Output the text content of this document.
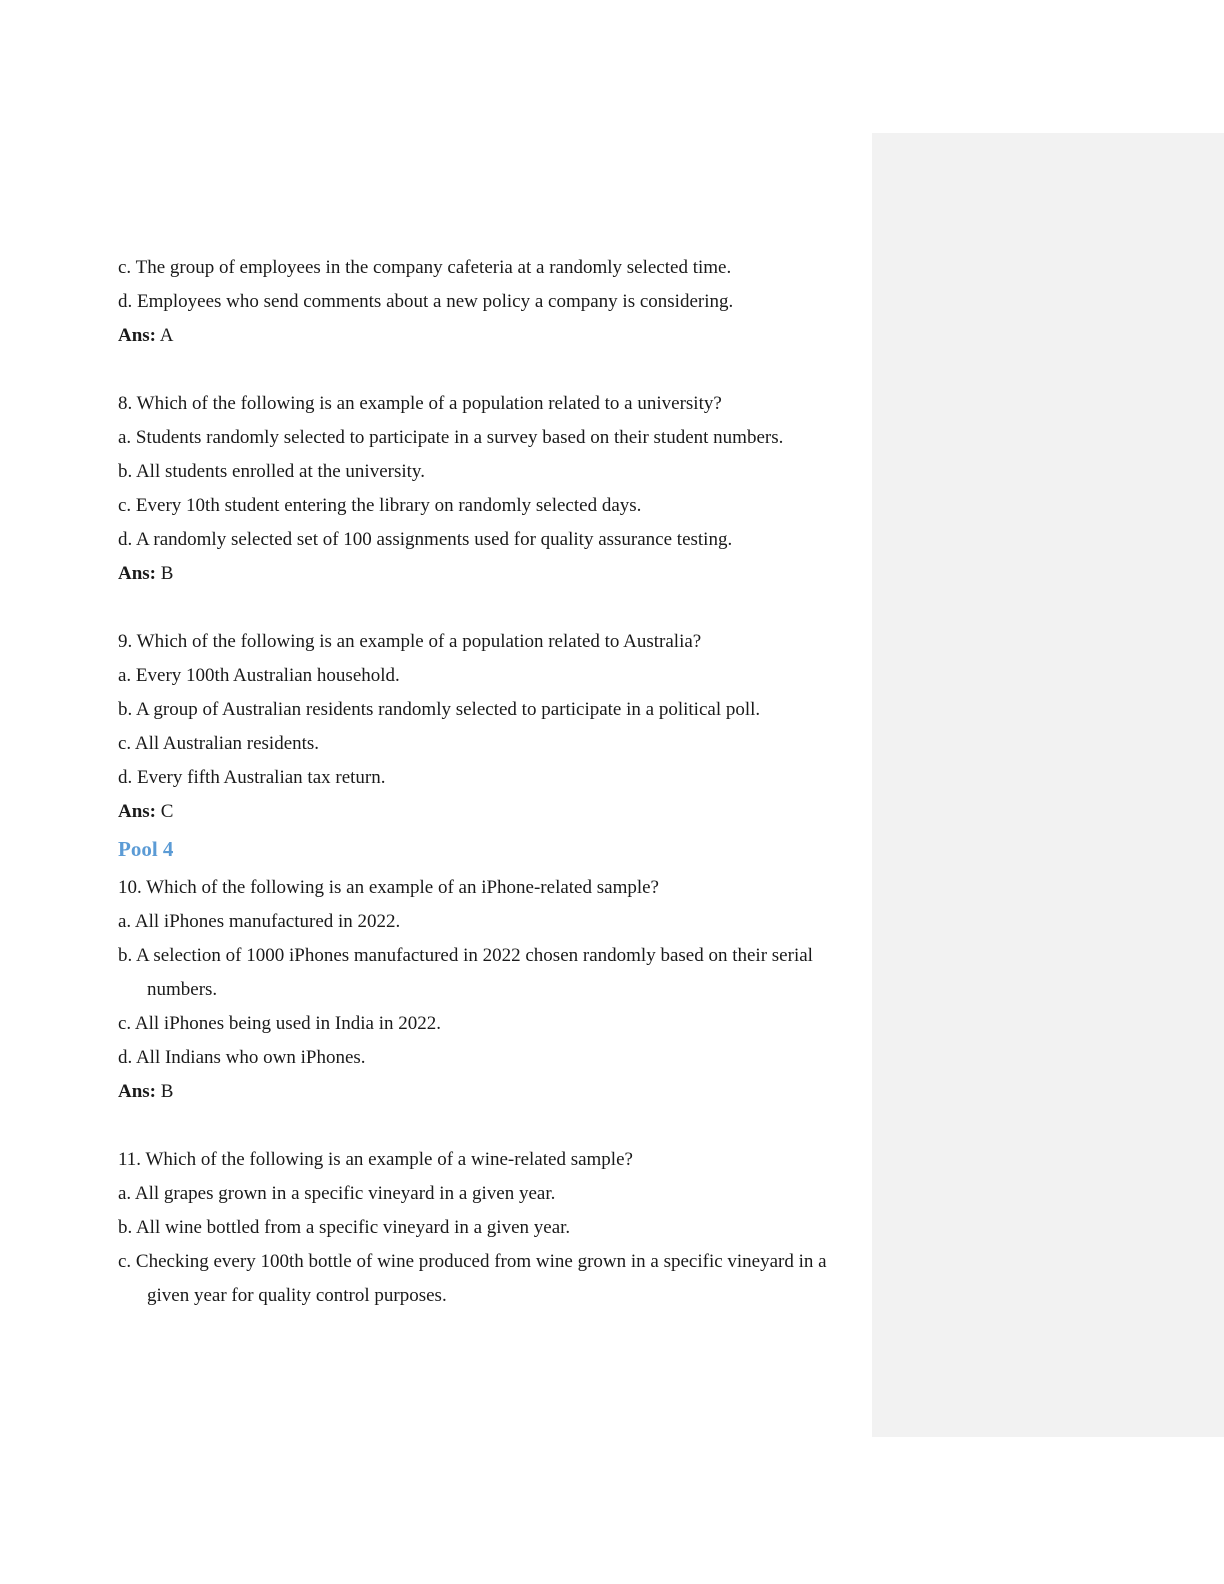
c. The group of employees in the company cafeteria at a randomly selected time.

d. Employees who send comments about a new policy a company is considering.

Ans: A

8. Which of the following is an example of a population related to a university?

a. Students randomly selected to participate in a survey based on their student numbers.

b. All students enrolled at the university.

c. Every 10th student entering the library on randomly selected days.

d. A randomly selected set of 100 assignments used for quality assurance testing.

Ans: B

9. Which of the following is an example of a population related to Australia?

a. Every 100th Australian household.

b. A group of Australian residents randomly selected to participate in a political poll.

c. All Australian residents.

d. Every fifth Australian tax return.

Ans: C

Pool 4

10. Which of the following is an example of an iPhone-related sample?

a. All iPhones manufactured in 2022.

b. A selection of 1000 iPhones manufactured in 2022 chosen randomly based on their serial numbers.

c. All iPhones being used in India in 2022.

d. All Indians who own iPhones.

Ans: B

11. Which of the following is an example of a wine-related sample?

a. All grapes grown in a specific vineyard in a given year.

b. All wine bottled from a specific vineyard in a given year.

c. Checking every 100th bottle of wine produced from wine grown in a specific vineyard in a given year for quality control purposes.
